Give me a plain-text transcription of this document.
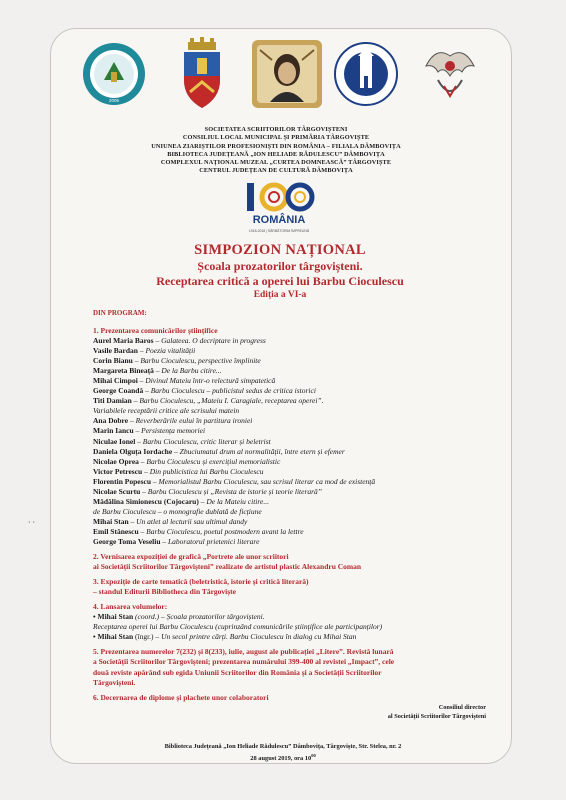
2006
SOCIETATEA SCRIITORILOR TÂRGOVIȘTENI
CONSILIUL LOCAL MUNICIPAL ȘI PRIMĂRIA TÂRGOVIȘTE
UNIUNEA ZIARIȘTILOR PROFESIONIȘTI DIN ROMÂNIA – FILIALA DÂMBOVIȚA
BIBLIOTECA JUDEȚEANĂ „ION HELIADE RĂDULESCU” DÂMBOVIȚA
COMPLEXUL NAȚIONAL MUZEAL „CURTEA DOMNEASCĂ” TÂRGOVIȘTE
CENTRUL JUDEȚEAN DE CULTURĂ DÂMBOVIȚA
ROMÂNIA
1918-2018 | SĂRBĂTORIM ÎMPREUNĂ
SIMPOZION NAȚIONAL
Școala prozatorilor târgovișteni.
Receptarea critică a operei lui Barbu Cioculescu
Ediția a VI-a
DIN PROGRAM:
1. Prezentarea comunicărilor științifice
Aurel Maria Baros – Galateea. O decriptare in progress
Vasile Bardan – Poezia vitalității
Corin Bianu – Barbu Cioculescu, perspective împlinite
Margareta Bineață – De la Barbu citire...
Mihai Cimpoi – Divinul Mateiu într-o relectură simpatetică
George Coandă – Barbu Cioculescu – publicistul sedus de critica istorici
Titi Damian – Barbu Cioculescu, „Mateiu I. Caragiale, receptarea operei”.
Variabilele receptării critice ale scrisului matein
Ana Dobre – Reverberările eului în partitura ironiei
Marin Iancu – Persistența memoriei
Niculae Ionel – Barbu Cioculescu, critic literar și beletrist
Daniela Olguța Iordache – Zbuciumatul drum al normalității, între etern și efemer
Nicolae Oprea – Barbu Cioculescu și exercițiul memorialistic
Victor Petrescu – Din publicistica lui Barbu Cioculescu
Florentin Popescu – Memorialistul Barbu Cioculescu, sau scrisul literar ca mod de existență
Nicolae Scurtu – Barbu Cioculescu și „Revista de istorie și teorie literară”
Mădălina Simionescu (Cojocaru) – De la Mateiu citire...
de Barbu Cioculescu – o monografie dublată de ficțiune
Mihai Stan – Un atlet al lecturii sau ultimul dandy
Emil Stănescu – Barbu Cioculescu, poetul postmodern avant la lettre
George Toma Veseliu – Laboratorul prietenici literare
2. Vernisarea expoziției de grafică „Portrete ale unor scriitori
ai Societății Scriitorilor Târgovișteni” realizate de artistul plastic Alexandru Coman
3. Expoziție de carte tematică (beletristică, istorie și critică literară)
– standul Editurii Bibliotheca din Târgoviște
4. Lansarea volumelor:
• Mihai Stan (coord.) – Școala prozatorilor târgovișteni.
Receptarea operei lui Barbu Cioculescu (cuprinzând comunicările științifice ale participanților)
• Mihai Stan (îngr.) – Un secol printre cărți. Barbu Cioculescu în dialog cu Mihai Stan
5. Prezentarea numerelor 7(232) și 8(233), iulie, august ale publicației „Litere”. Revistă lunară
a Societății Scriitorilor Târgovișteni; prezentarea numărului 399-400 al revistei „Impact”, cele
două reviste apărând sub egida Uniunii Scriitorilor din România și a Societății Scriitorilor
Târgovișteni.
6. Decernarea de diplome și plachete unor colaboratori
Consiliul director
al Societății Scriitorilor Târgovișteni
Biblioteca Județeană „Ion Heliade Rădulescu” Dâmbovița, Târgoviște, Str. Stelea, nr. 2
28 august 2019, ora $10^{00}$
‧ ‧
